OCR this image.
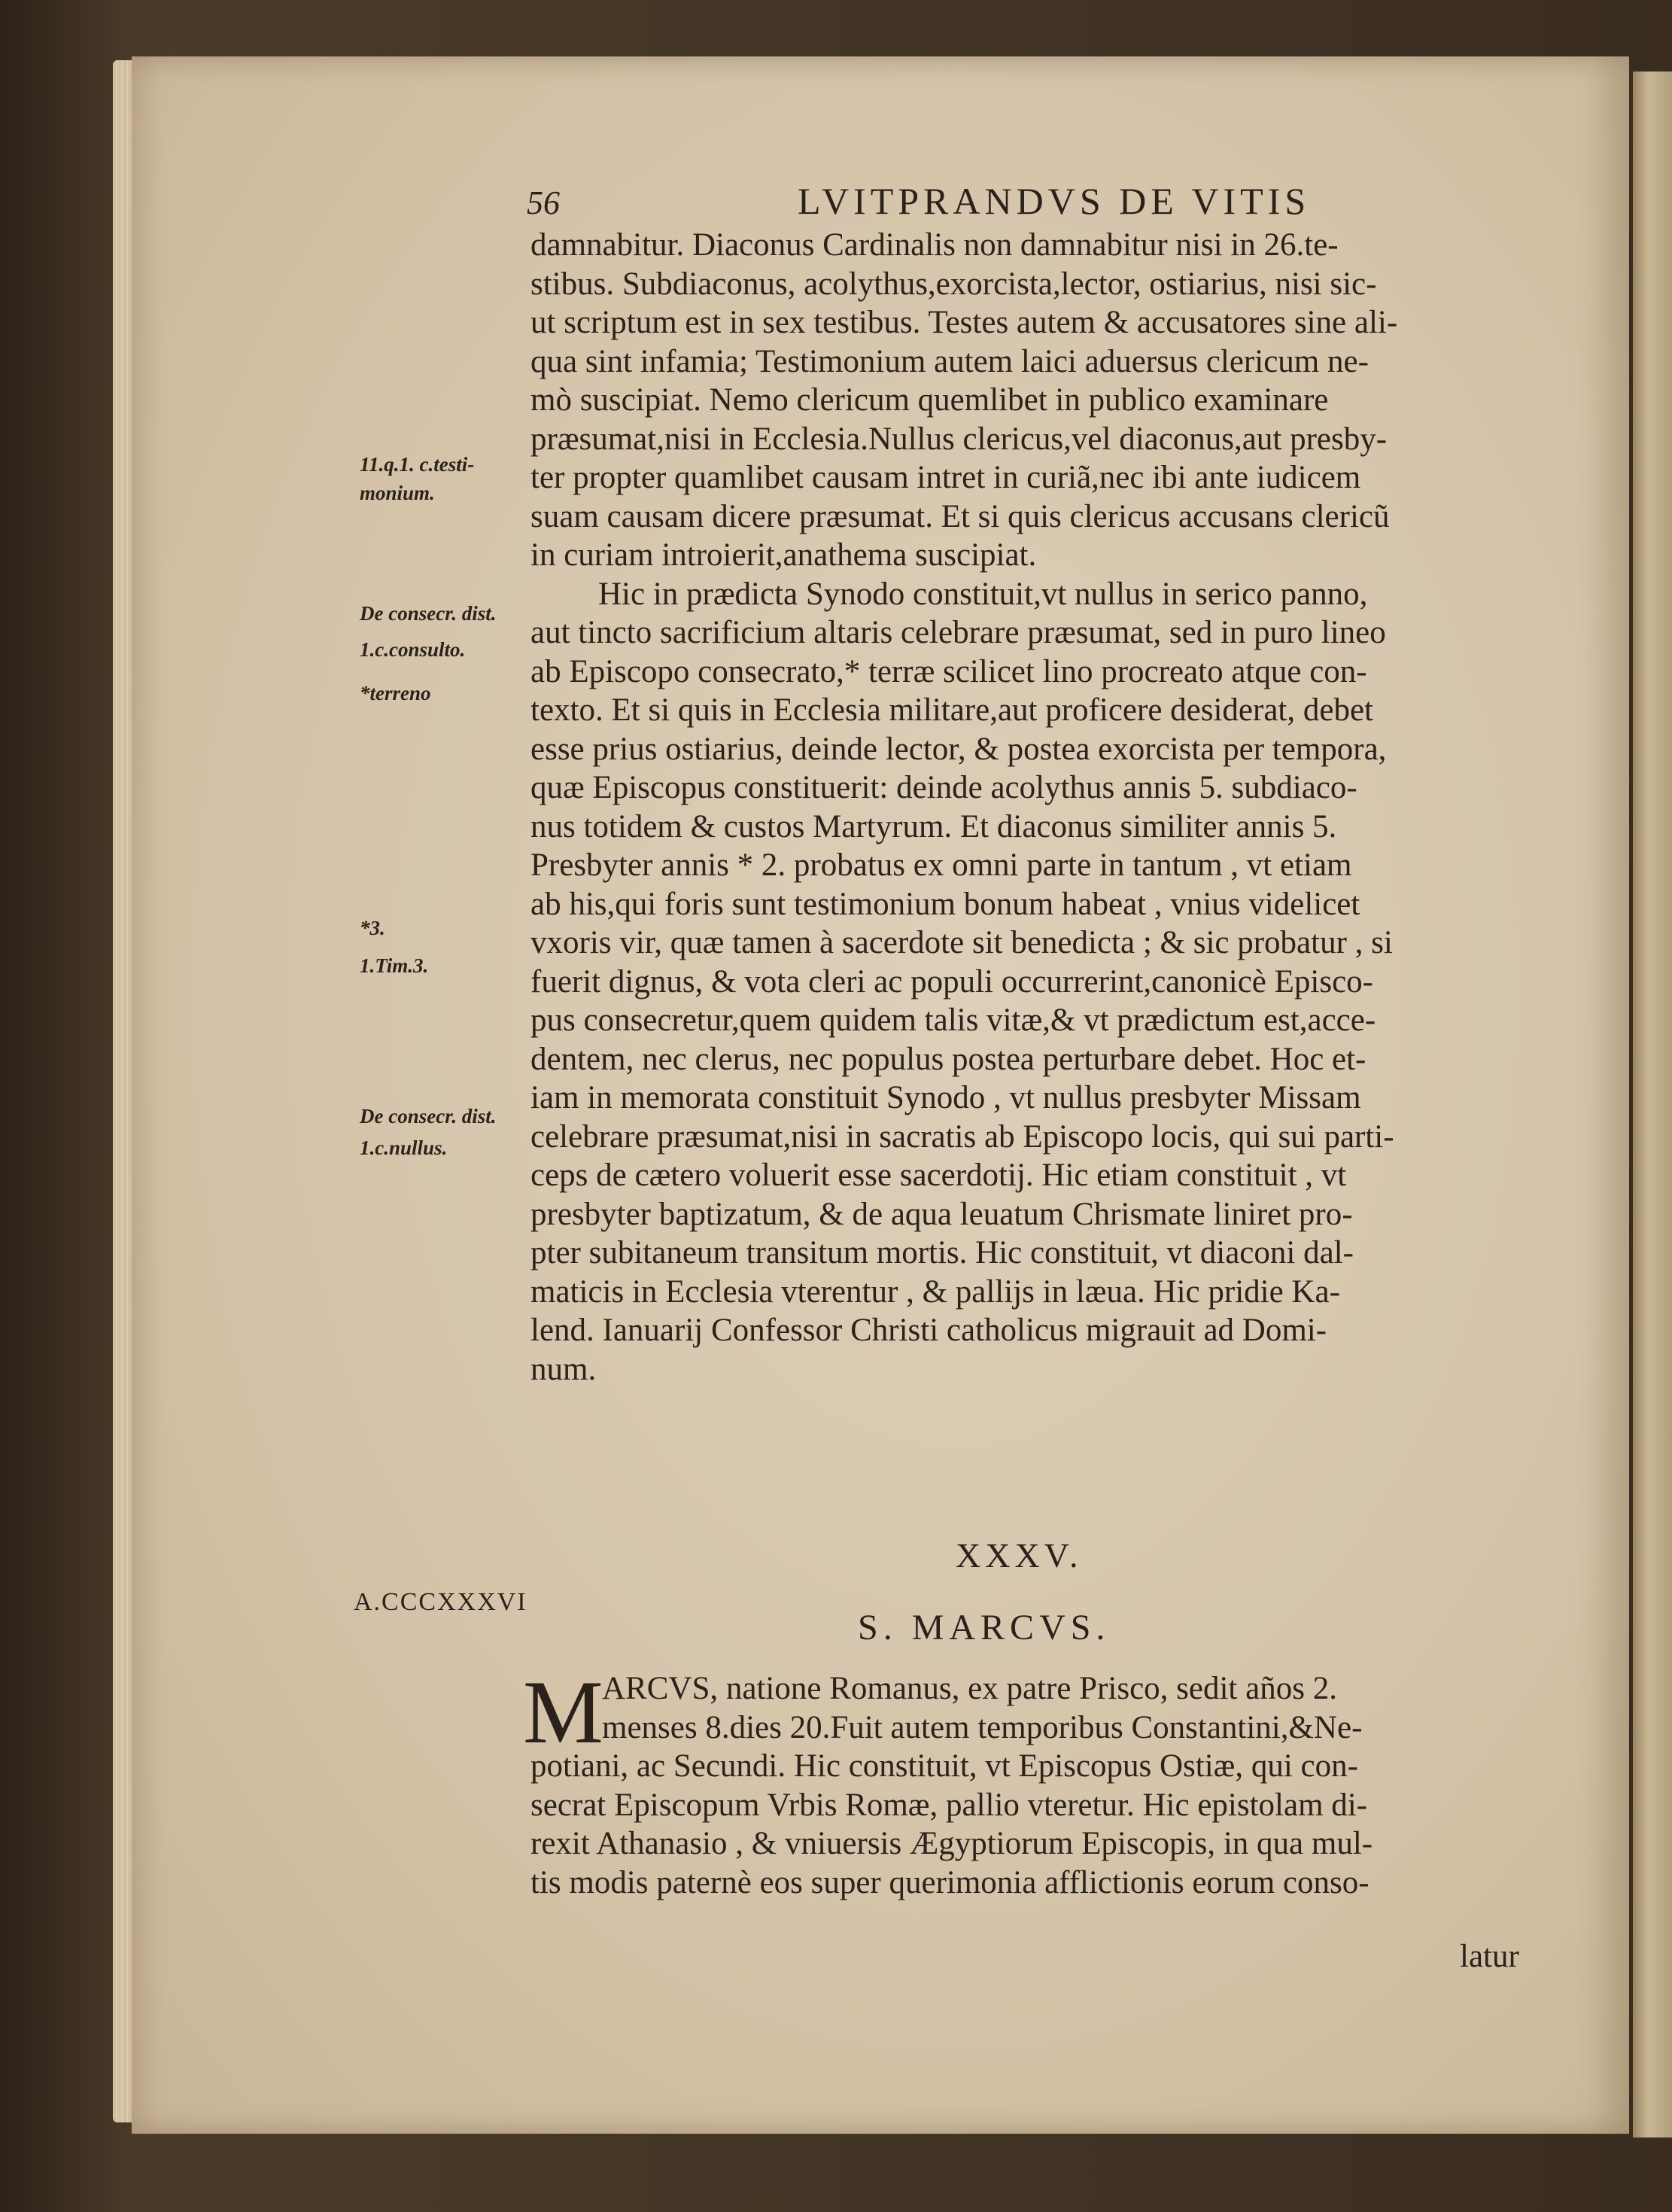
56	LVITPRANDVS DE VITIS
damnabitur. Diaconus Cardinalis non damnabitur nisi in 26.te-
stibus. Subdiaconus, acolythus,exorcista,lector, ostiarius, nisi sic-
ut scriptum est in sex testibus. Testes autem & accusatores sine ali-
qua sint infamia; Testimonium autem laici aduersus clericum ne-
mò suscipiat. Nemo clericum quemlibet in publico examinare
præsumat,nisi in Ecclesia.Nullus clericus,vel diaconus,aut presby-
ter propter quamlibet causam intret in curiã,nec ibi ante iudicem
suam causam dicere præsumat. Et si quis clericus accusans clericũ
in curiam introierit,anathema suscipiat.
Hic in prædicta Synodo constituit,vt nullus in serico panno,
aut tincto sacrificium altaris celebrare præsumat, sed in puro lineo
ab Episcopo consecrato,* terræ scilicet lino procreato atque con-
texto. Et si quis in Ecclesia militare,aut proficere desiderat, debet
esse prius ostiarius, deinde lector, & postea exorcista per tempora,
quæ Episcopus constituerit: deinde acolythus annis 5. subdiaco-
nus totidem & custos Martyrum. Et diaconus similiter annis 5.
Presbyter annis * 2. probatus ex omni parte in tantum , vt etiam
ab his,qui foris sunt testimonium bonum habeat , vnius videlicet
vxoris vir, quæ tamen à sacerdote sit benedicta ; & sic probatur , si
fuerit dignus, & vota cleri ac populi occurrerint,canonicè Episco-
pus consecretur,quem quidem talis vitæ,& vt prædictum est,acce-
dentem, nec clerus, nec populus postea perturbare debet. Hoc et-
iam in memorata constituit Synodo , vt nullus presbyter Missam
celebrare præsumat,nisi in sacratis ab Episcopo locis, qui sui parti-
ceps de cætero voluerit esse sacerdotij. Hic etiam constituit , vt
presbyter baptizatum, & de aqua leuatum Chrismate liniret pro-
pter subitaneum transitum mortis. Hic constituit, vt diaconi dal-
maticis in Ecclesia vterentur , & pallijs in læua. Hic pridie Ka-
lend. Ianuarij Confessor Christi catholicus migrauit ad Domi-
num.
11.q.1. c.testi-
monium.
De consecr. dist.
1.c.consulto.
*terreno
*3.
1.Tim.3.
De consecr. dist.
1.c.nullus.
XXXV.
A.CCCXXXVI
S. MARCVS.
M
ARCVS, natione Romanus, ex patre Prisco, sedit años 2.
menses 8.dies 20.Fuit autem temporibus Constantini,&Ne-
potiani, ac Secundi. Hic constituit, vt Episcopus Ostiæ, qui con-
secrat Episcopum Vrbis Romæ, pallio vteretur. Hic epistolam di-
rexit Athanasio , & vniuersis Ægyptiorum Episcopis, in qua mul-
tis modis paternè eos super querimonia afflictionis eorum conso-
latur
